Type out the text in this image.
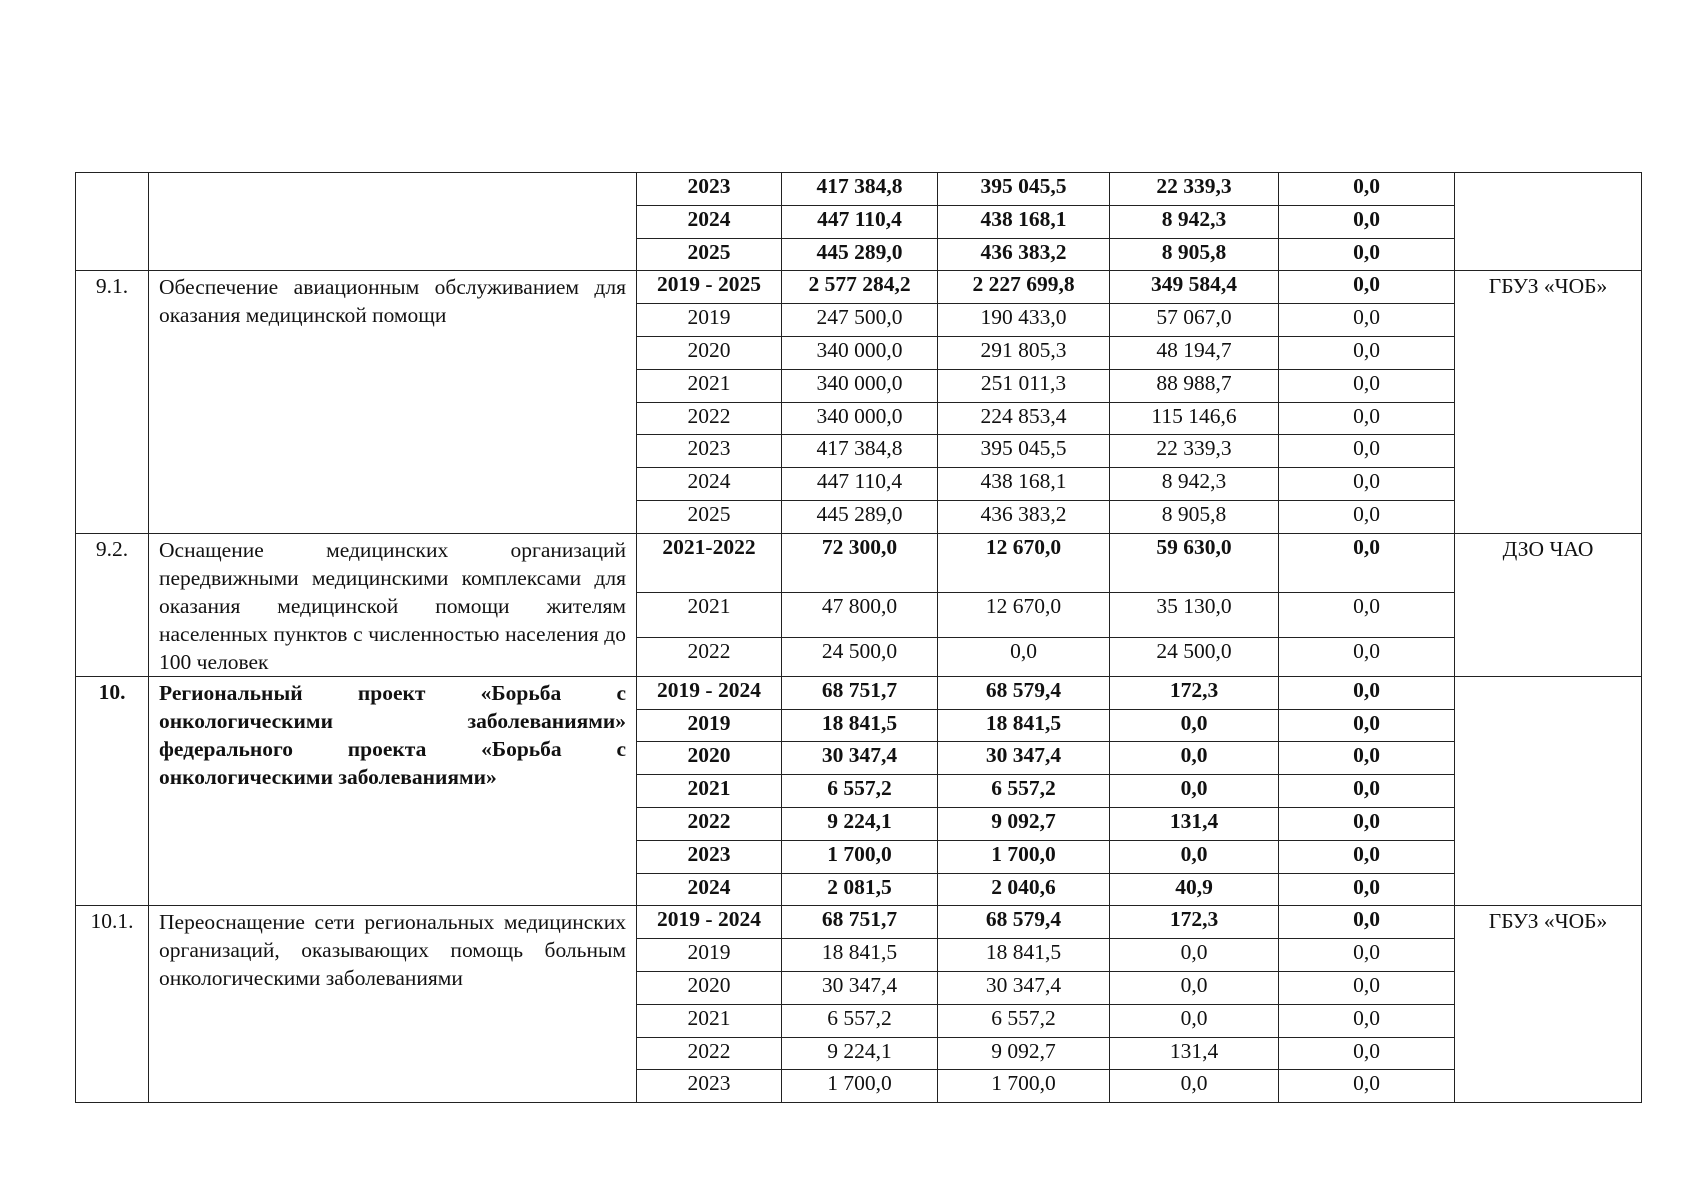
		2023	417 384,8	395 045,5	22 339,3	0,0	
		2024	447 110,4	438 168,1	8 942,3	0,0	
		2025	445 289,0	436 383,2	8 905,8	0,0	
9.1.	Обеспечение авиационным обслуживанием для оказания медицинской помощи	2019 - 2025	2 577 284,2	2 227 699,8	349 584,4	0,0	ГБУЗ «ЧОБ»
		2019	247 500,0	190 433,0	57 067,0	0,0	
		2020	340 000,0	291 805,3	48 194,7	0,0	
		2021	340 000,0	251 011,3	88 988,7	0,0	
		2022	340 000,0	224 853,4	115 146,6	0,0	
		2023	417 384,8	395 045,5	22 339,3	0,0	
		2024	447 110,4	438 168,1	8 942,3	0,0	
		2025	445 289,0	436 383,2	8 905,8	0,0	
9.2.	Оснащение медицинских организаций передвижными медицинскими комплексами для оказания медицинской помощи жителям населенных пунктов с численностью населения до 100 человек	2021-2022	72 300,0	12 670,0	59 630,0	0,0	ДЗО ЧАО
		2021	47 800,0	12 670,0	35 130,0	0,0	
		2022	24 500,0	0,0	24 500,0	0,0	
10.	Региональный проект «Борьба с онкологическими заболеваниями» федерального проекта «Борьба с онкологическими заболеваниями»	2019 - 2024	68 751,7	68 579,4	172,3	0,0	
		2019	18 841,5	18 841,5	0,0	0,0	
		2020	30 347,4	30 347,4	0,0	0,0	
		2021	6 557,2	6 557,2	0,0	0,0	
		2022	9 224,1	9 092,7	131,4	0,0	
		2023	1 700,0	1 700,0	0,0	0,0	
		2024	2 081,5	2 040,6	40,9	0,0	
10.1.	Переоснащение сети региональных медицинских организаций, оказывающих помощь больным онкологическими заболеваниями	2019 - 2024	68 751,7	68 579,4	172,3	0,0	ГБУЗ «ЧОБ»
		2019	18 841,5	18 841,5	0,0	0,0	
		2020	30 347,4	30 347,4	0,0	0,0	
		2021	6 557,2	6 557,2	0,0	0,0	
		2022	9 224,1	9 092,7	131,4	0,0	
		2023	1 700,0	1 700,0	0,0	0,0	
